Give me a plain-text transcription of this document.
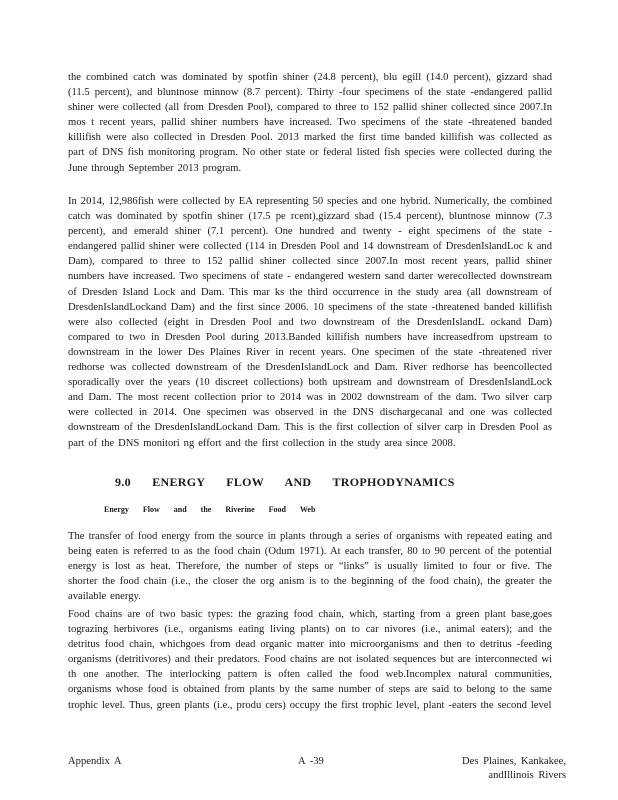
the combined catch was dominated by spotfin shiner (24.8 percent), blu egill (14.0 percent), gizzard shad (11.5 percent), and bluntnose minnow (8.7 percent). Thirty -four specimens of the state -endangered pallid shiner were collected (all from Dresden Pool), compared to three to 152 pallid shiner collected since 2007.In mos t recent years, pallid shiner numbers have increased. Two specimens of the state -threatened banded killifish were also collected in Dresden Pool. 2013 marked the first time banded killifish was collected as part of DNS fish monitoring program. No other state or federal listed fish species were collected during the June through September 2013 program.

In 2014, 12,986fish were collected by EA representing 50 species and one hybrid. Numerically, the combined catch was dominated by spotfin shiner (17.5 pe rcent),gizzard shad (15.4 percent), bluntnose minnow (7.3 percent), and emerald shiner (7.1 percent). One hundred and twenty - eight specimens of the state -endangered pallid shiner were collected (114 in Dresden Pool and 14 downstream of DresdenIslandLoc k and Dam), compared to three to 152 pallid shiner collected since 2007.In most recent years, pallid shiner numbers have increased. Two specimens of state - endangered western sand darter werecollected downstream of Dresden Island Lock and Dam. This mar ks the third occurrence in the study area (all downstream of DresdenIslandLockand Dam) and the first since 2006. 10 specimens of the state -threatened banded killifish were also collected (eight in Dresden Pool and two downstream of the DresdenIslandL ockand Dam) compared to two in Dresden Pool during 2013.Banded killifish numbers have increasedfrom upstream to downstream in the lower Des Plaines River in recent years. One specimen of the state -threatened river redhorse was collected downstream of the DresdenIslandLock and Dam. River redhorse has beencollected sporadically over the years (10 discreet collections) both upstream and downstream of DresdenIslandLock and Dam. The most recent collection prior to 2014 was in 2002 downstream of the dam. Two silver carp were collected in 2014. One specimen was observed in the DNS dischargecanal and one was collected downstream of the DresdenIslandLockand Dam. This is the first collection of silver carp in Dresden Pool as part of the DNS monitori ng effort and the first collection in the study area since 2008.

9.0 ENERGY FLOW AND TROPHODYNAMICS
Energy Flow and the Riverine Food Web

The transfer of food energy from the source in plants through a series of organisms with repeated eating and being eaten is referred to as the food chain (Odum 1971). At each transfer, 80 to 90 percent of the potential energy is lost as heat. Therefore, the number of steps or “links” is usually limited to four or five. The shorter the food chain (i.e., the closer the org anism is to the beginning of the food chain), the greater the available energy.

Food chains are of two basic types: the grazing food chain, which, starting from a green plant base,goes tograzing herbivores (i.e., organisms eating living plants) on to car nivores (i.e., animal eaters); and the detritus food chain, whichgoes from dead organic matter into microorganisms and then to detritus -feeding organisms (detritivores) and their predators. Food chains are not isolated sequences but are interconnected wi th one another. The interlocking pattern is often called the food web.Incomplex natural communities, organisms whose food is obtained from plants by the same number of steps are said to belong to the same trophic level. Thus, green plants (i.e., produ cers) occupy the first trophic level, plant -eaters the second level

Appendix A	A -39	Des Plaines, Kankakee,
andIllinois Rivers
